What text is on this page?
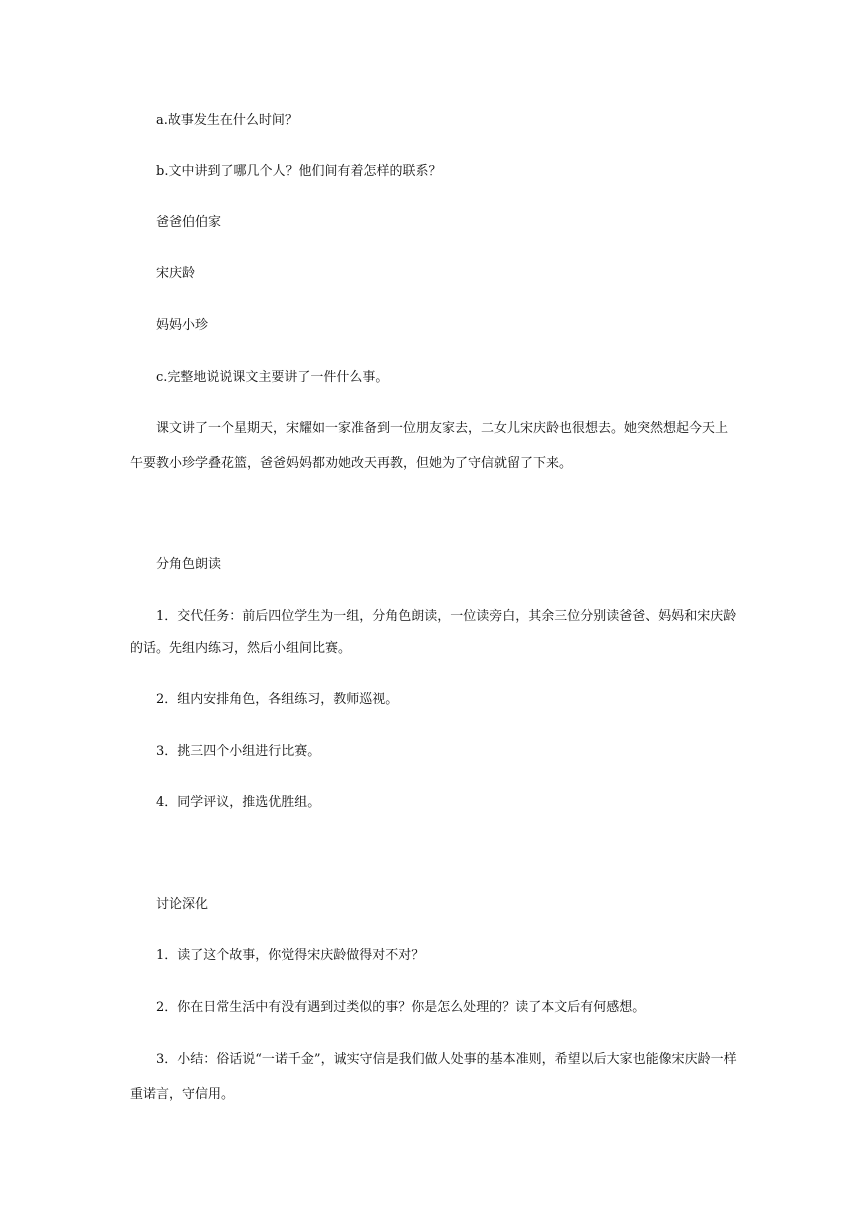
a.故事发生在什么时间？
b.文中讲到了哪几个人？他们间有着怎样的联系？
爸爸伯伯家
宋庆龄
妈妈小珍
c.完整地说说课文主要讲了一件什么事。
课文讲了一个星期天，宋耀如一家准备到一位朋友家去，二女儿宋庆龄也很想去。她突然想起今天上
午要教小珍学叠花篮，爸爸妈妈都劝她改天再教，但她为了守信就留了下来。
分角色朗读
1．交代任务：前后四位学生为一组，分角色朗读，一位读旁白，其余三位分别读爸爸、妈妈和宋庆龄
的话。先组内练习，然后小组间比赛。
2．组内安排角色，各组练习，教师巡视。
3．挑三四个小组进行比赛。
4．同学评议，推选优胜组。
讨论深化
1．读了这个故事，你觉得宋庆龄做得对不对？
2．你在日常生活中有没有遇到过类似的事？你是怎么处理的？读了本文后有何感想。
3．小结：俗话说“一诺千金”，诚实守信是我们做人处事的基本准则，希望以后大家也能像宋庆龄一样
重诺言，守信用。
